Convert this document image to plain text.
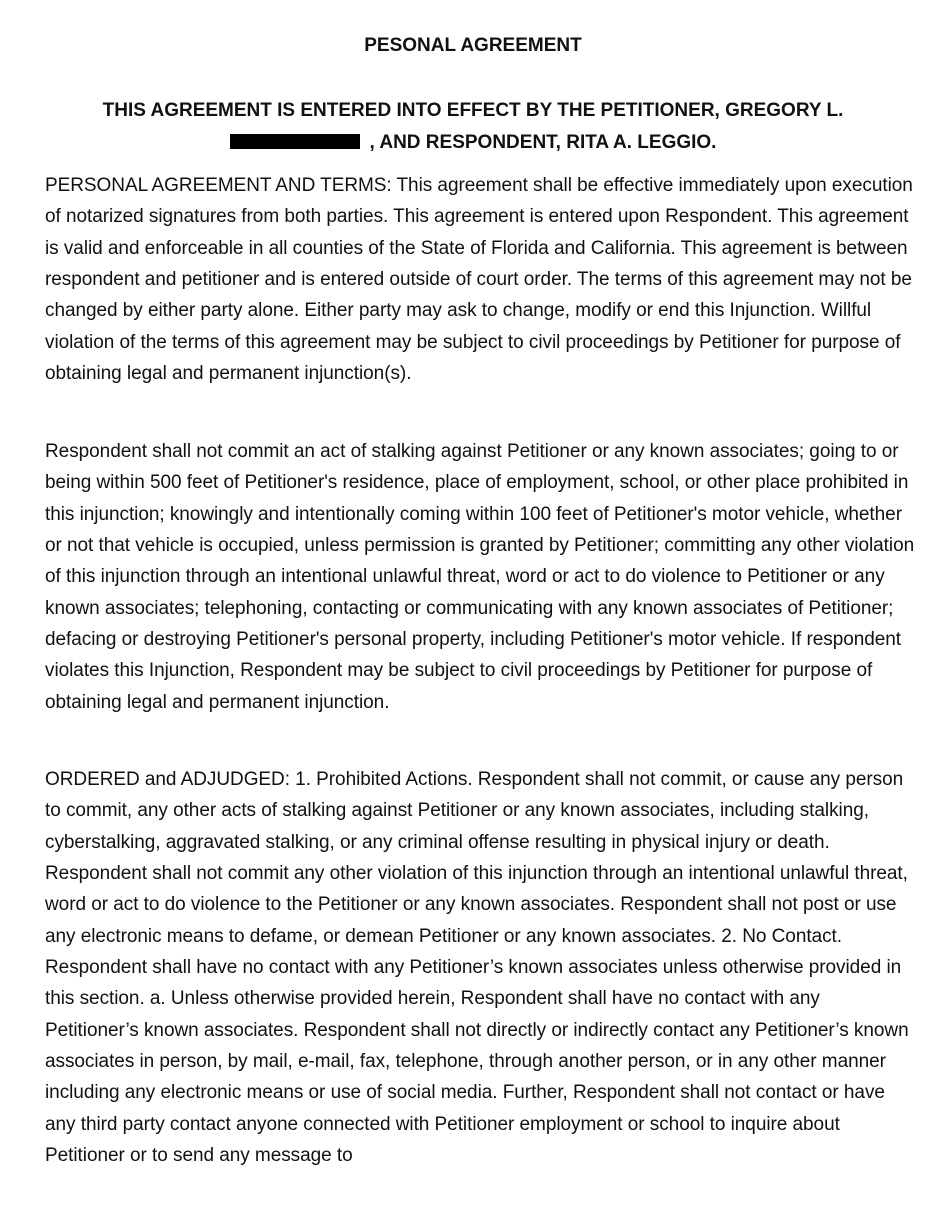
PESONAL AGREEMENT
THIS AGREEMENT IS ENTERED INTO EFFECT BY THE PETITIONER, GREGORY L.
, AND RESPONDENT, RITA A. LEGGIO.

PERSONAL AGREEMENT AND TERMS: This agreement shall be effective immediately upon execution of notarized signatures from both parties. This agreement is entered upon Respondent. This agreement is valid and enforceable in all counties of the State of Florida and California. This agreement is between respondent and petitioner and is entered outside of court order. The terms of this agreement may not be changed by either party alone. Either party may ask to change, modify or end this Injunction. Willful violation of the terms of this agreement may be subject to civil proceedings by Petitioner for purpose of obtaining legal and permanent injunction(s).

Respondent shall not commit an act of stalking against Petitioner or any known associates; going to or being within 500 feet of Petitioner's residence, place of employment, school, or other place prohibited in this injunction; knowingly and intentionally coming within 100 feet of Petitioner's motor vehicle, whether or not that vehicle is occupied, unless permission is granted by Petitioner; committing any other violation of this injunction through an intentional unlawful threat, word or act to do violence to Petitioner or any known associates; telephoning, contacting or communicating with any known associates of Petitioner; defacing or destroying Petitioner's personal property, including Petitioner's motor vehicle. If respondent violates this Injunction, Respondent may be subject to civil proceedings by Petitioner for purpose of obtaining legal and permanent injunction.

ORDERED and ADJUDGED: 1. Prohibited Actions. Respondent shall not commit, or cause any person to commit, any other acts of stalking against Petitioner or any known associates, including stalking, cyberstalking, aggravated stalking, or any criminal offense resulting in physical injury or death. Respondent shall not commit any other violation of this injunction through an intentional unlawful threat, word or act to do violence to the Petitioner or any known associates. Respondent shall not post or use any electronic means to defame, or demean Petitioner or any known associates. 2. No Contact. Respondent shall have no contact with any Petitioner’s known associates unless otherwise provided in this section. a. Unless otherwise provided herein, Respondent shall have no contact with any Petitioner’s known associates. Respondent shall not directly or indirectly contact any Petitioner’s known associates in person, by mail, e-mail, fax, telephone, through another person, or in any other manner including any electronic means or use of social media. Further, Respondent shall not contact or have any third party contact anyone connected with Petitioner employment or school to inquire about Petitioner or to send any message to
